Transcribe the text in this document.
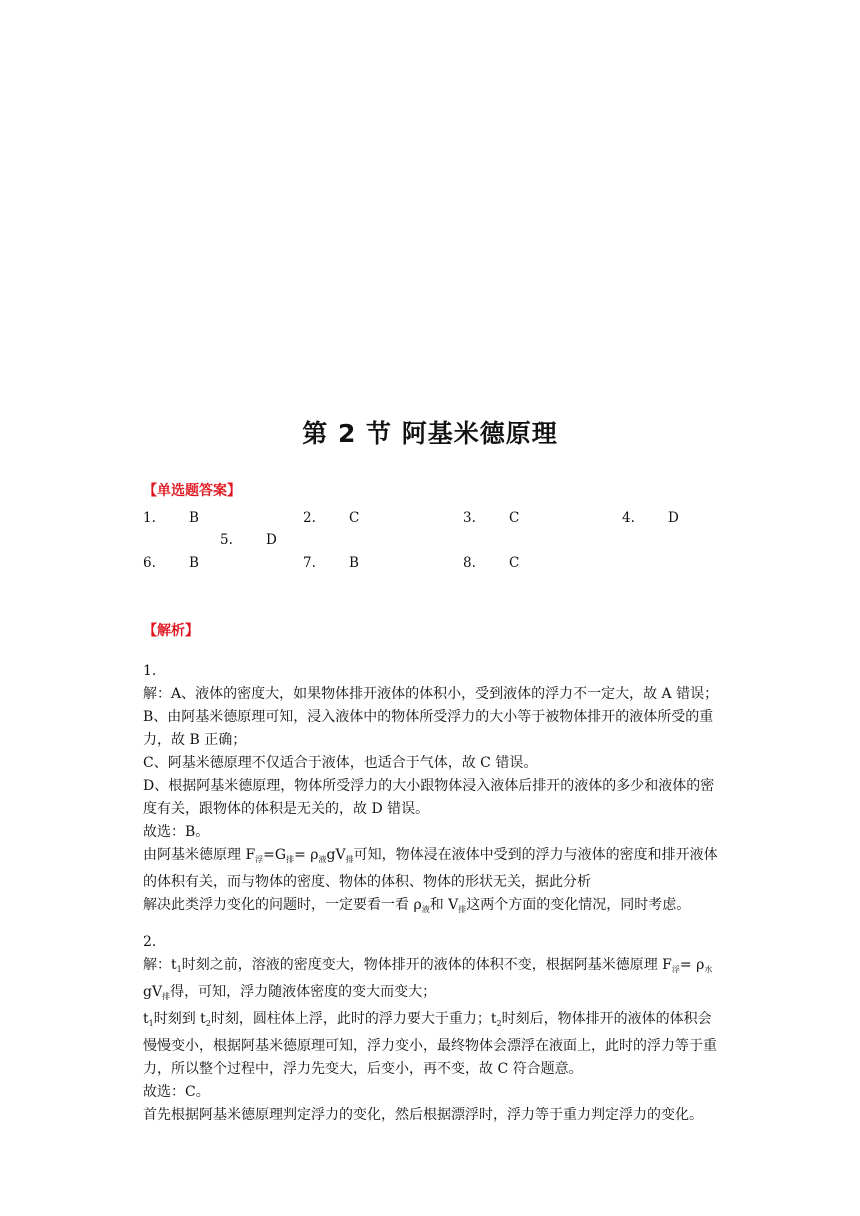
第 2 节 阿基米德原理
【单选题答案】
1. B	2. C	3. C	4. D
5. D
6. B	7. B	8. C
【解析】

1.

解：A、液体的密度大，如果物体排开液体的体积小，受到液体的浮力不一定大，故 A 错误；

B、由阿基米德原理可知，浸入液体中的物体所受浮力的大小等于被物体排开的液体所受的重力，故 B 正确；

C、阿基米德原理不仅适合于液体，也适合于气体，故 C 错误。

D、根据阿基米德原理，物体所受浮力的大小跟物体浸入液体后排开的液体的多少和液体的密度有关，跟物体的体积是无关的，故 D 错误。

故选：B。

由阿基米德原理 $F_浮=G_排= \rho_液gV_排$可知，物体浸在液体中受到的浮力与液体的密度和排开液体的体积有关，而与物体的密度、物体的体积、物体的形状无关，据此分析

解决此类浮力变化的问题时，一定要看一看 $\rho_液$和 $V_排$这两个方面的变化情况，同时考虑。

2.

解：$t_1$时刻之前，溶液的密度变大，物体排开的液体的体积不变，根据阿基米德原理 $F_浮= \rho_水gV_排$得，可知，浮力随液体密度的变大而变大；

$t_1$时刻到 $t_2$时刻，圆柱体上浮，此时的浮力要大于重力；$t_2$时刻后，物体排开的液体的体积会慢慢变小，根据阿基米德原理可知，浮力变小，最终物体会漂浮在液面上，此时的浮力等于重力，所以整个过程中，浮力先变大，后变小，再不变，故 C 符合题意。

故选：C。

首先根据阿基米德原理判定浮力的变化，然后根据漂浮时，浮力等于重力判定浮力的变化。
